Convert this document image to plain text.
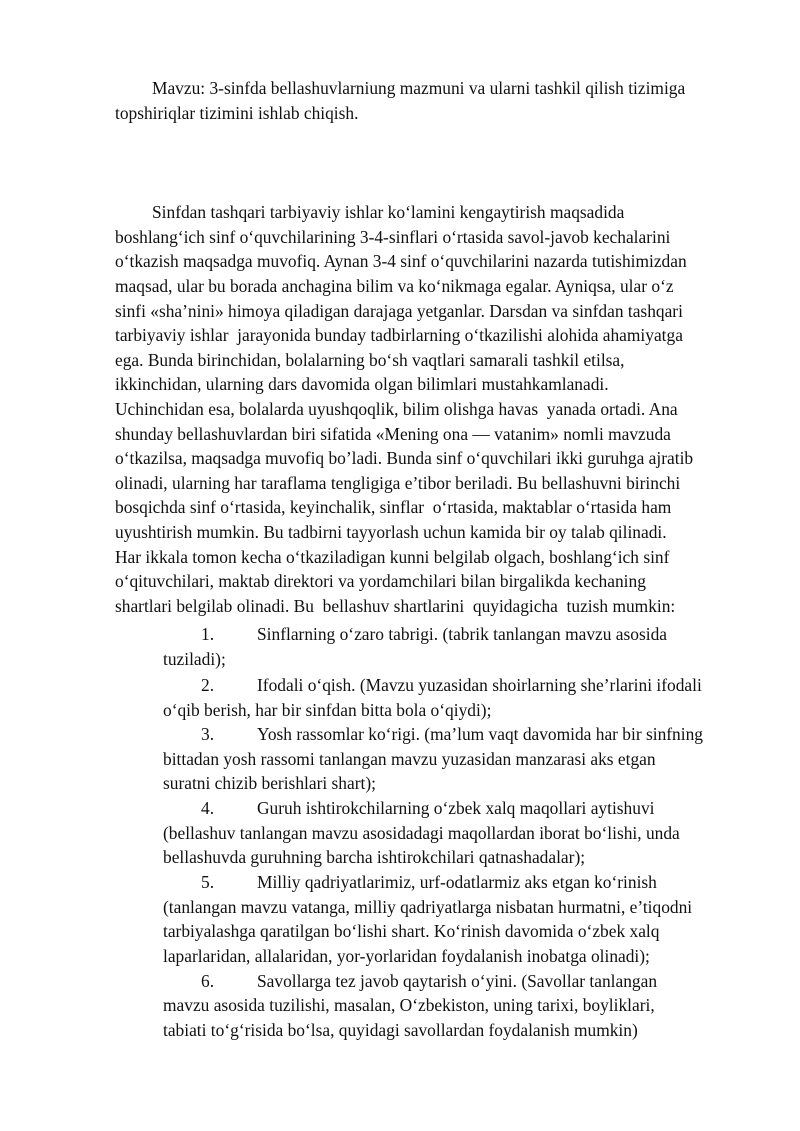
Mavzu: 3-sinfda bellashuvlarniung mazmuni va ularni tashkil qilish tizimiga
topshiriqlar tizimini ishlab chiqish.
Sinfdan tashqari tarbiyaviy ishlar ko‘lamini kengaytirish maqsadida
boshlang‘ich sinf o‘quvchilarining 3-4-sinflari o‘rtasida savol-javob kechalarini
o‘tkazish maqsadga muvofiq. Aynan 3-4 sinf o‘quvchilarini nazarda tutishimizdan
maqsad, ular bu borada anchagina bilim va ko‘nikmaga egalar. Ayniqsa, ular o‘z
sinfi «sha’nini» himoya qiladigan darajaga yetganlar. Darsdan va sinfdan tashqari
tarbiyaviy ishlar  jarayonida bunday tadbirlarning o‘tkazilishi alohida ahamiyatga
ega. Bunda birinchidan, bolalarning bo‘sh vaqtlari samarali tashkil etilsa,
ikkinchidan, ularning dars davomida olgan bilimlari mustahkamlanadi.
Uchinchidan esa, bolalarda uyushqoqlik, bilim olishga havas  yanada ortadi. Ana
shunday bellashuvlardan biri sifatida «Mening ona — vatanim» nomli mavzuda
o‘tkazilsa, maqsadga muvofiq bo’ladi. Bunda sinf o‘quvchilari ikki guruhga ajratib
olinadi, ularning har taraflama tengligiga e’tibor beriladi. Bu bellashuvni birinchi
bosqichda sinf o‘rtasida, keyinchalik, sinflar  o‘rtasida, maktablar o‘rtasida ham
uyushtirish mumkin. Bu tadbirni tayyorlash uchun kamida bir oy talab qilinadi.
Har ikkala tomon kecha o‘tkaziladigan kunni belgilab olgach, boshlang‘ich sinf
o‘qituvchilari, maktab direktori va yordamchilari bilan birgalikda kechaning
shartlari belgilab olinadi. Bu  bellashuv shartlarini  quyidagicha  tuzish mumkin:
1. Sinflarning o‘zaro tabrigi. (tabrik tanlangan mavzu asosida
tuziladi);
2. Ifodali o‘qish. (Mavzu yuzasidan shoirlarning she’rlarini ifodali
o‘qib berish, har bir sinfdan bitta bola o‘qiydi);
3. Yosh rassomlar ko‘rigi. (ma’lum vaqt davomida har bir sinfning
bittadan yosh rassomi tanlangan mavzu yuzasidan manzarasi aks etgan
suratni chizib berishlari shart);
4. Guruh ishtirokchilarning o‘zbek xalq maqollari aytishuvi
(bellashuv tanlangan mavzu asosidadagi maqollardan iborat bo‘lishi, unda
bellashuvda guruhning barcha ishtirokchilari qatnashadalar);
5. Milliy qadriyatlarimiz, urf-odatlarmiz aks etgan ko‘rinish
(tanlangan mavzu vatanga, milliy qadriyatlarga nisbatan hurmatni, e’tiqodni
tarbiyalashga qaratilgan bo‘lishi shart. Ko‘rinish davomida o‘zbek xalq
laparlaridan, allalaridan, yor-yorlaridan foydalanish inobatga olinadi);
6. Savollarga tez javob qaytarish o‘yini. (Savollar tanlangan
mavzu asosida tuzilishi, masalan, O‘zbekiston, uning tarixi, boyliklari,
tabiati to‘g‘risida bo‘lsa, quyidagi savollardan foydalanish mumkin)
